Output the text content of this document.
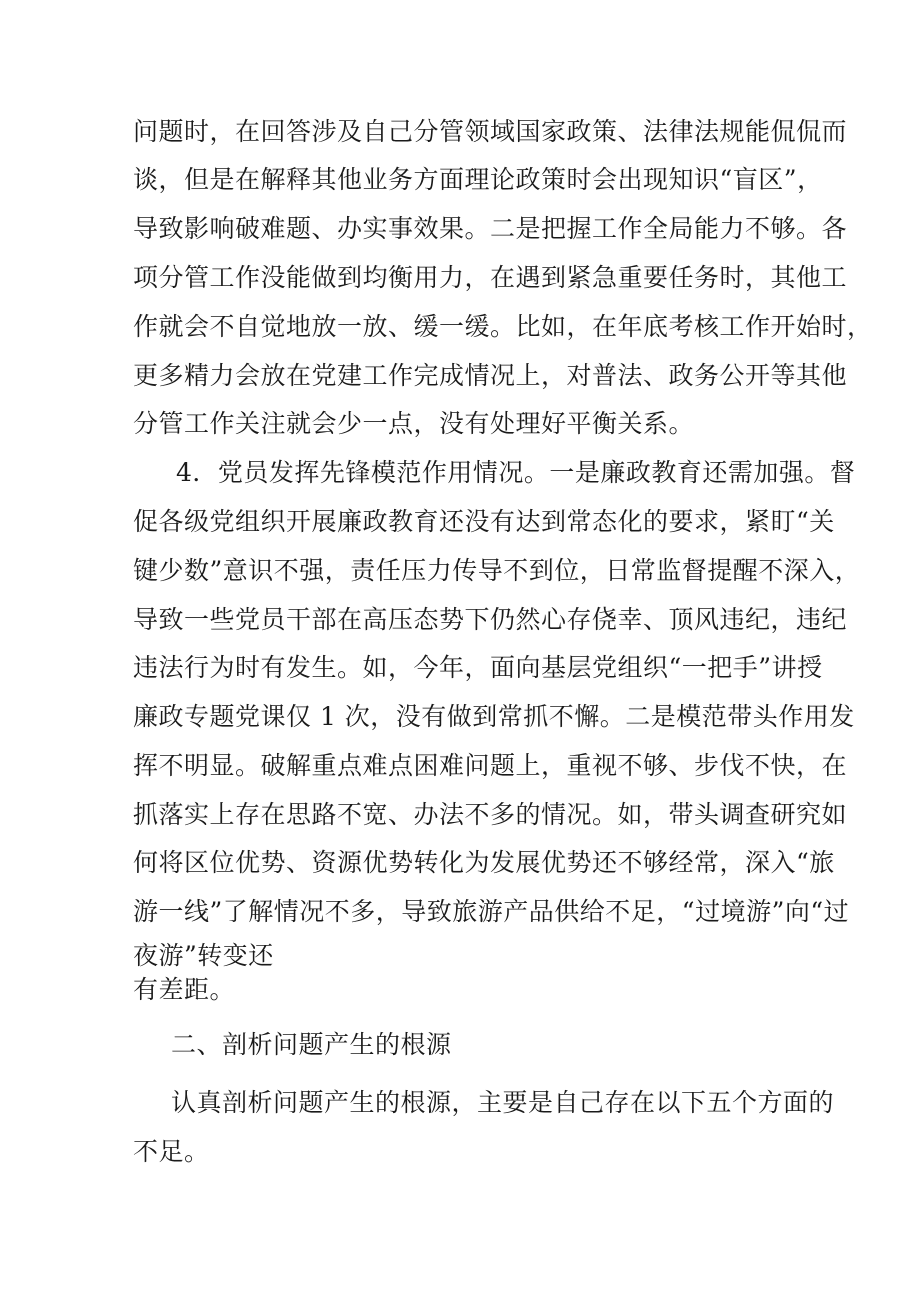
问题时，在回答涉及自己分管领域国家政策、法律法规能侃侃而
谈，但是在解释其他业务方面理论政策时会出现知识“盲区”，
导致影响破难题、办实事效果。二是把握工作全局能力不够。各
项分管工作没能做到均衡用力，在遇到紧急重要任务时，其他工
作就会不自觉地放一放、缓一缓。比如，在年底考核工作开始时，
更多精力会放在党建工作完成情况上，对普法、政务公开等其他
分管工作关注就会少一点，没有处理好平衡关系。
4．党员发挥先锋模范作用情况。一是廉政教育还需加强。督
促各级党组织开展廉政教育还没有达到常态化的要求，紧盯“关
键少数”意识不强，责任压力传导不到位，日常监督提醒不深入，
导致一些党员干部在高压态势下仍然心存侥幸、顶风违纪，违纪
违法行为时有发生。如，今年，面向基层党组织“一把手”讲授
廉政专题党课仅 1 次，没有做到常抓不懈。二是模范带头作用发
挥不明显。破解重点难点困难问题上，重视不够、步伐不快，在
抓落实上存在思路不宽、办法不多的情况。如，带头调查研究如
何将区位优势、资源优势转化为发展优势还不够经常，深入“旅
游一线”了解情况不多，导致旅游产品供给不足，“过境游”向“过
夜游”转变还
有差距。
二、剖析问题产生的根源
认真剖析问题产生的根源，主要是自己存在以下五个方面的
不足。
